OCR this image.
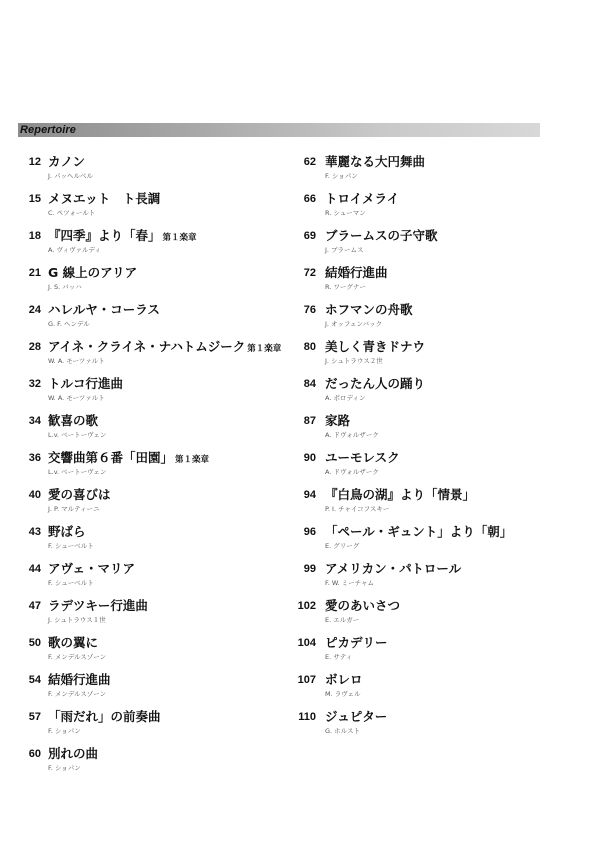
Repertoire
12 カノン
J. パッヘルベル
15 メヌエット　ト長調
C. ペツォールト
18 『四季』より「春」 第１楽章
A. ヴィヴァルディ
21 G 線上のアリア
J. S. バッハ
24 ハレルヤ・コーラス
G. F. ヘンデル
28 アイネ・クライネ・ナハトムジーク 第１楽章
W. A. モーツァルト
32 トルコ行進曲
W. A. モーツァルト
34 歓喜の歌
L.v. ベートーヴェン
36 交響曲第６番「田園」 第１楽章
L.v. ベートーヴェン
40 愛の喜びは
J. P. マルティーニ
43 野ばら
F. シューベルト
44 アヴェ・マリア
F. シューベルト
47 ラデツキー行進曲
J. シュトラウス１世
50 歌の翼に
F. メンデルスゾーン
54 結婚行進曲
F. メンデルスゾーン
57 「雨だれ」の前奏曲
F. ショパン
60 別れの曲
F. ショパン
62 華麗なる大円舞曲
F. ショパン
66 トロイメライ
R. シューマン
69 ブラームスの子守歌
J. ブラームス
72 結婚行進曲
R. ワーグナー
76 ホフマンの舟歌
J. オッフェンバック
80 美しく青きドナウ
J. シュトラウス２世
84 だったん人の踊り
A. ボロディン
87 家路
A. ドヴォルザーク
90 ユーモレスク
A. ドヴォルザーク
94 『白鳥の湖』より「情景」
P. I. チャイコフスキー
96 「ペール・ギュント」より「朝」
E. グリーグ
99 アメリカン・パトロール
F. W. ミーチャム
102 愛のあいさつ
E. エルガー
104 ピカデリー
E. サティ
107 ボレロ
M. ラヴェル
110 ジュピター
G. ホルスト
